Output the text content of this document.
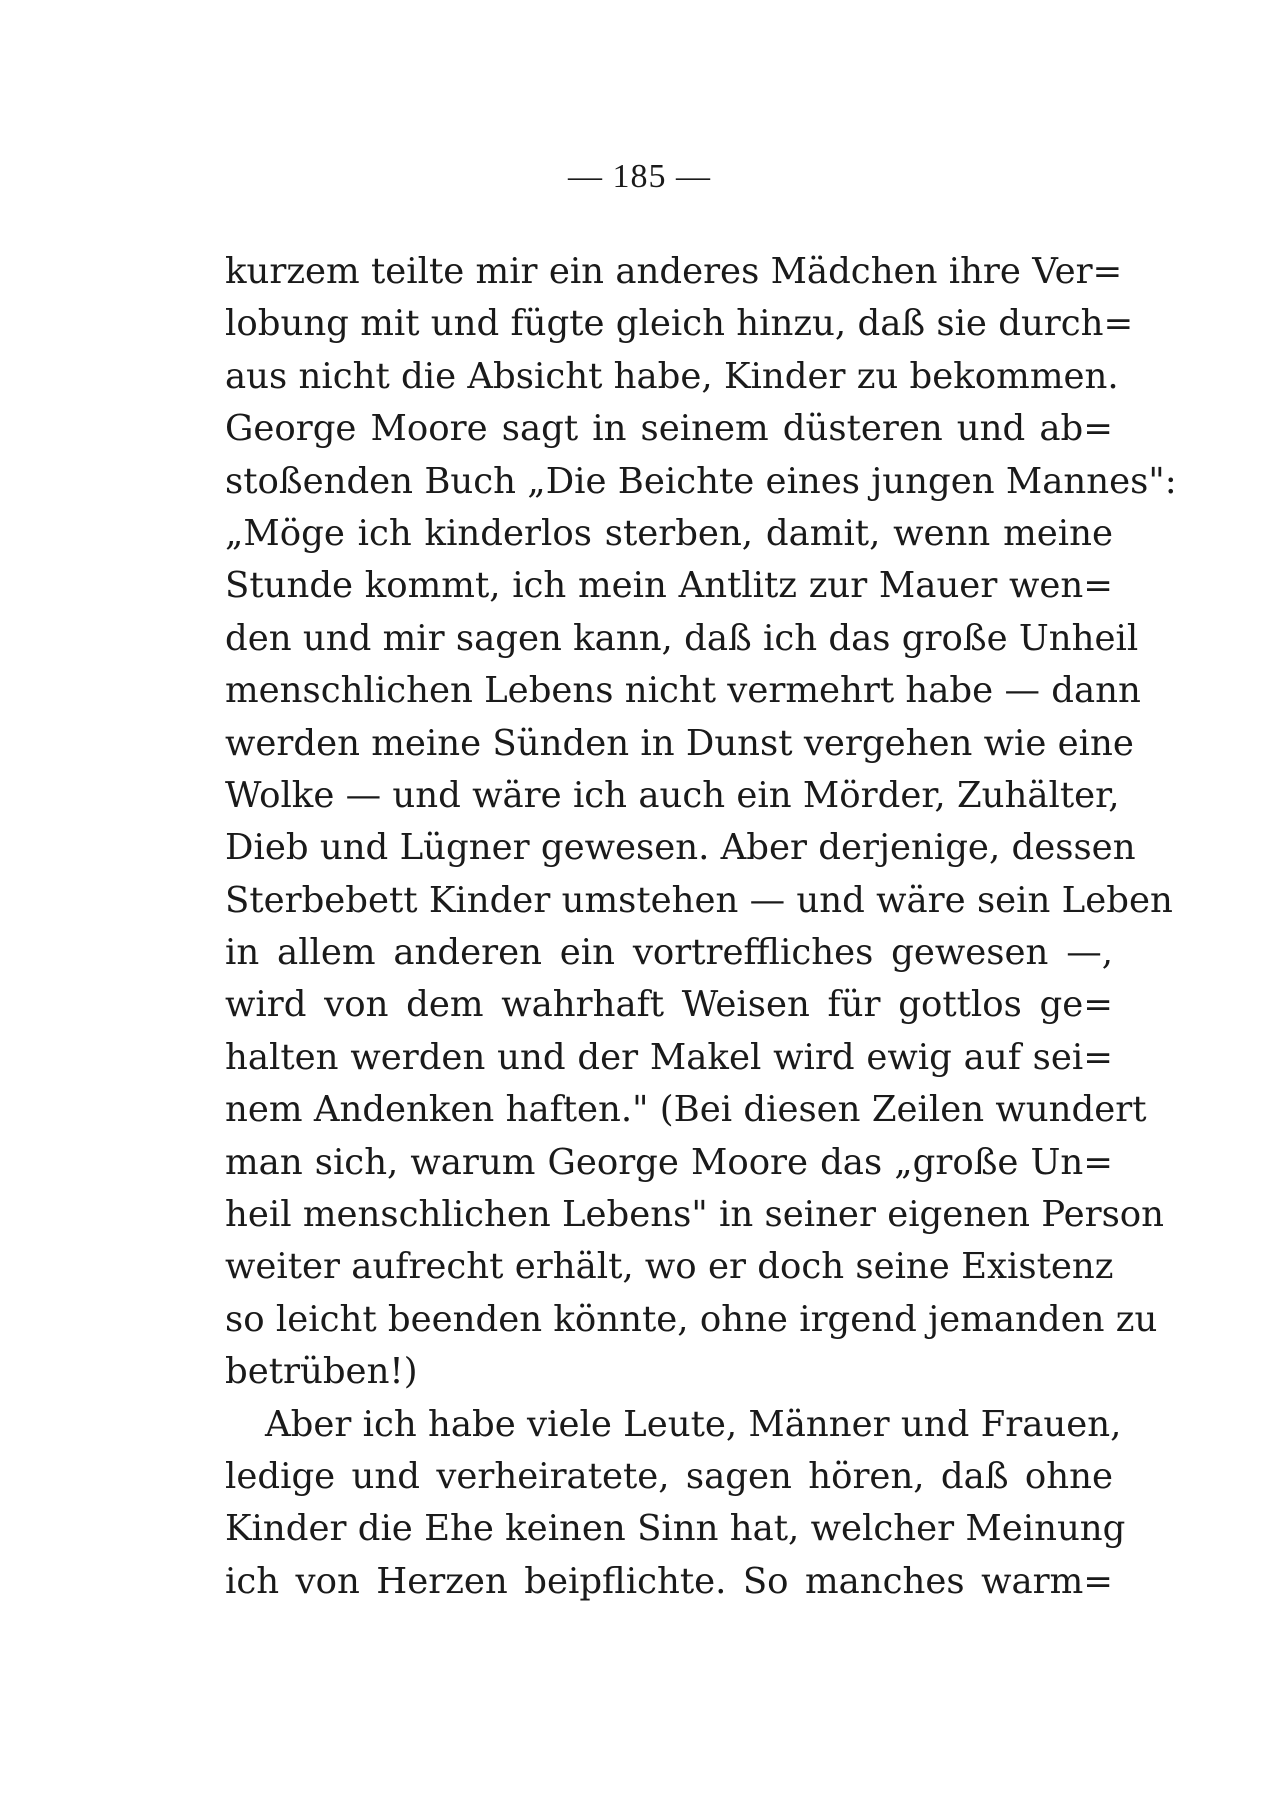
— 185 —
kurzem teilte mir ein anderes Mädchen ihre Ver=
lobung mit und fügte gleich hinzu, daß sie durch=
aus nicht die Absicht habe, Kinder zu bekommen.
George Moore sagt in seinem düsteren und ab=
stoßenden Buch „Die Beichte eines jungen Mannes":
„Möge ich kinderlos sterben, damit, wenn meine
Stunde kommt, ich mein Antlitz zur Mauer wen=
den und mir sagen kann, daß ich das große Unheil
menschlichen Lebens nicht vermehrt habe — dann
werden meine Sünden in Dunst vergehen wie eine
Wolke — und wäre ich auch ein Mörder, Zuhälter,
Dieb und Lügner gewesen. Aber derjenige, dessen
Sterbebett Kinder umstehen — und wäre sein Leben
in allem anderen ein vortreffliches gewesen —,
wird von dem wahrhaft Weisen für gottlos ge=
halten werden und der Makel wird ewig auf sei=
nem Andenken haften." (Bei diesen Zeilen wundert
man sich, warum George Moore das „große Un=
heil menschlichen Lebens" in seiner eigenen Person
weiter aufrecht erhält, wo er doch seine Existenz
so leicht beenden könnte, ohne irgend jemanden zu
betrüben!)
Aber ich habe viele Leute, Männer und Frauen,
ledige und verheiratete, sagen hören, daß ohne
Kinder die Ehe keinen Sinn hat, welcher Meinung
ich von Herzen beipflichte. So manches warm=
